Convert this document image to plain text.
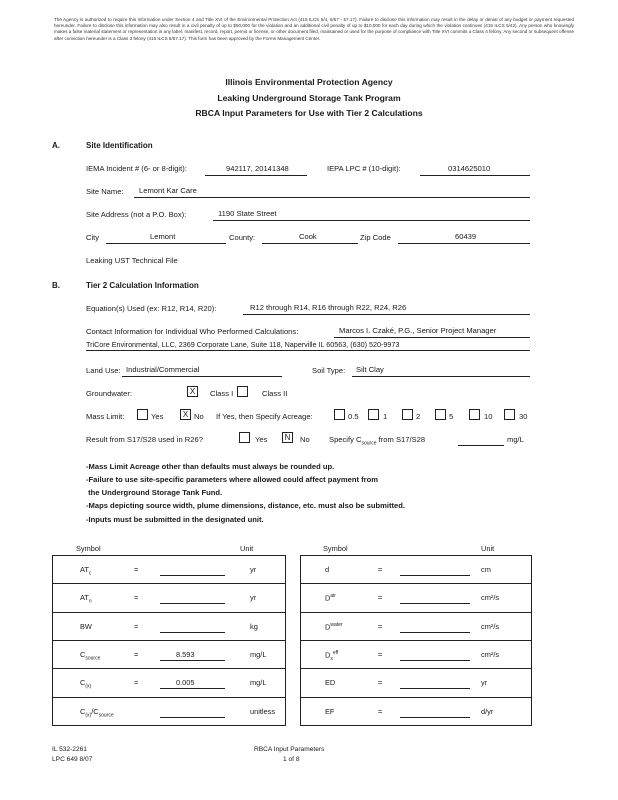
The Agency is authorized to require this information under Section 4 and Title XVI of the Environmental Protection Act (415 ILCS 5/4, 5/57 - 57.17). Failure to disclose this information may result in the delay or denial of any budget or payment requested hereunder. Failure to disclose this information may also result in a civil penalty of up to $50,000 for the violation and an additional civil penalty of up to $10,000 for each day during which the violation continues (415 ILCS 5/42). Any person who knowingly makes a false material statement or representation in any label, manifest, record, report, permit or license, or other document filed, maintained or used for the purpose of compliance with Title XVI commits a Class 4 felony. Any second or subsequent offense after conviction hereunder is a Class 3 felony (415 ILCS 5/57.17). This form has been approved by the Forms Management Center.
Illinois Environmental Protection Agency
Leaking Underground Storage Tank Program
RBCA Input Parameters for Use with Tier 2 Calculations
A.	Site Identification
IEMA Incident # (6- or 8-digit):	942117, 20141348	IEPA LPC # (10-digit):	0314625010
Site Name: Lemont Kar Care
Site Address (not a P.O. Box):	1190 State Street
City	Lemont	County:	Cook	Zip Code	60439
Leaking UST Technical File
B.	Tier 2 Calculation Information
Equation(s) Used (ex: R12, R14, R20):	R12 through R14, R16 through R22, R24, R26
Contact Information for Individual Who Performed Calculations:	Marcos I. Czaké, P.G., Senior Project Manager
TriCore Environmental, LLC, 2369 Corporate Lane, Suite 118, Naperville IL 60563, (630) 520-9973
Land Use: Industrial/Commercial	Soil Type: Silt Clay
Groundwater:	X	Class I	Class II
Mass Limit:	Yes	X No If Yes, then Specify Acreage:	0.5	1	2	5	10	30
Result from S17/S28 used in R26?	Yes	N	No	Specify $C_{source}$ from S17/S28	mg/L
-Mass Limit Acreage other than defaults must always be rounded up.
-Failure to use site-specific parameters where allowed could affect payment from
the Underground Storage Tank Fund.
-Maps depicting source width, plume dimensions, distance, etc. must also be submitted.
-Inputs must be submitted in the designated unit.
Symbol	Unit	Symbol	Unit
$AT_c$	=	yr
$AT_n$	=	yr
BW	=	kg
$C_{source}$	=	8.593	mg/L
$C_{(x)}$	=	0.005	mg/L
$C_{(x)}/C_{source}$	unitless
d	=	cm
$D^{air}$	=	cm²/s
$D^{water}$	=	cm²/s
$D_s^{eff}$	=	cm²/s
ED	=	yr
EF	=	d/yr
IL 532-2261
LPC 649 8/07
RBCA Input Parameters
1 of 8
